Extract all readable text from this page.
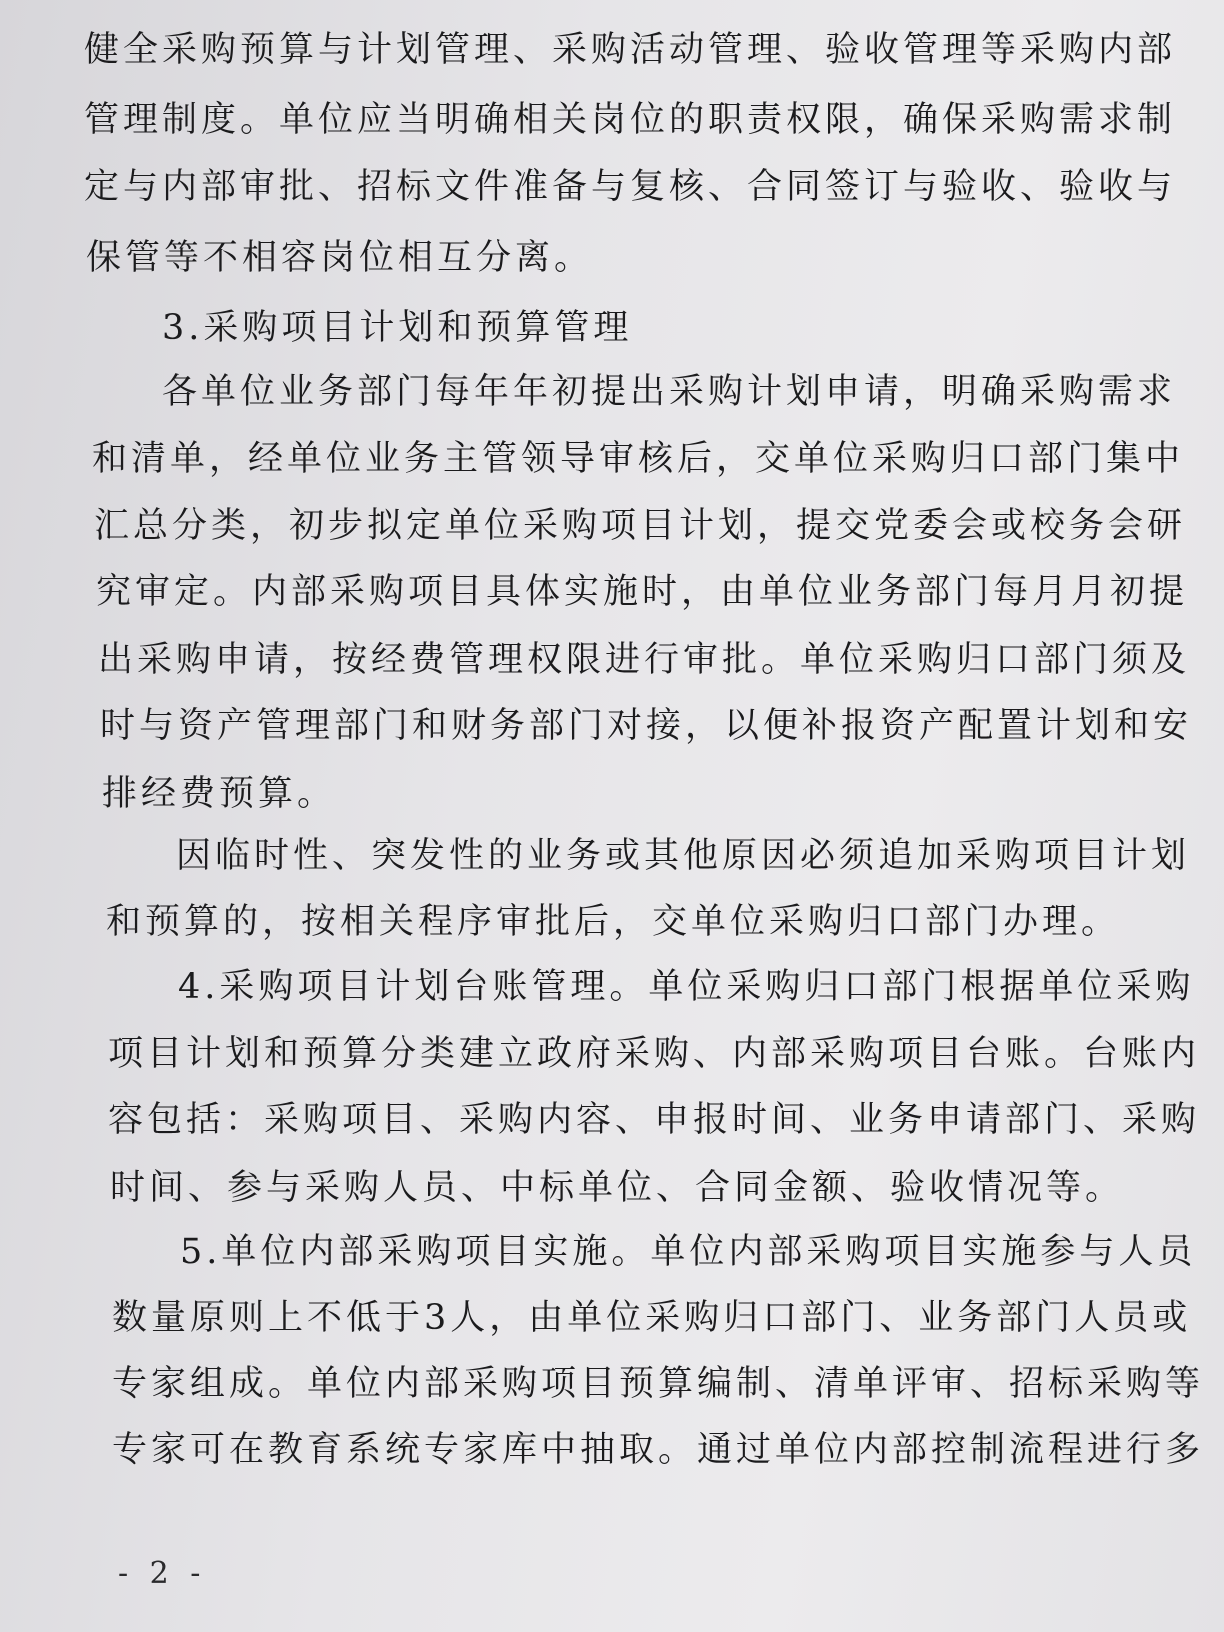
健全采购预算与计划管理、采购活动管理、验收管理等采购内部
管理制度。单位应当明确相关岗位的职责权限，确保采购需求制
定与内部审批、招标文件准备与复核、合同签订与验收、验收与
保管等不相容岗位相互分离。
3.采购项目计划和预算管理
各单位业务部门每年年初提出采购计划申请，明确采购需求
和清单，经单位业务主管领导审核后，交单位采购归口部门集中
汇总分类，初步拟定单位采购项目计划，提交党委会或校务会研
究审定。内部采购项目具体实施时，由单位业务部门每月月初提
出采购申请，按经费管理权限进行审批。单位采购归口部门须及
时与资产管理部门和财务部门对接，以便补报资产配置计划和安
排经费预算。
因临时性、突发性的业务或其他原因必须追加采购项目计划
和预算的，按相关程序审批后，交单位采购归口部门办理。
4.采购项目计划台账管理。单位采购归口部门根据单位采购
项目计划和预算分类建立政府采购、内部采购项目台账。台账内
容包括：采购项目、采购内容、申报时间、业务申请部门、采购
时间、参与采购人员、中标单位、合同金额、验收情况等。
5.单位内部采购项目实施。单位内部采购项目实施参与人员
数量原则上不低于3人，由单位采购归口部门、业务部门人员或
专家组成。单位内部采购项目预算编制、清单评审、招标采购等
专家可在教育系统专家库中抽取。通过单位内部控制流程进行多
- 2 -
